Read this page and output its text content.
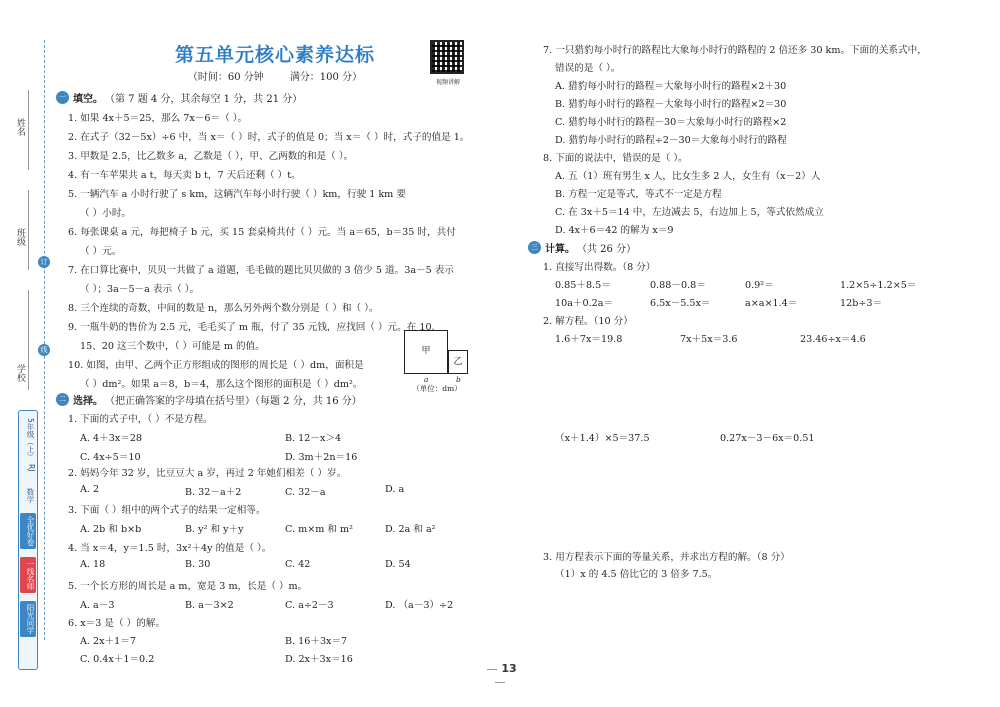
姓名
班级
订
线
学校
阳光同学
一线名师
全优好卷
数学
RJ
5年级（上）
第五单元核心素养达标
（时间：60 分钟	满分：100 分）	视频讲解
一 填空。 （第 7 题 4 分，其余每空 1 分，共 21 分）
1. 如果 4x＋5＝25，那么 7x－6＝（ ）。
2. 在式子（32－5x）÷6 中，当 x＝（ ）时，式子的值是 0；当 x＝（ ）时，式子的值是 1。
3. 甲数是 2.5，比乙数多 a，乙数是（ ），甲、乙两数的和是（ ）。
4. 有一车苹果共 a t，每天卖 b t，7 天后还剩（ ）t。
5. 一辆汽车 a 小时行驶了 s km，这辆汽车每小时行驶（ ）km，行驶 1 km 要
（ ）小时。
6. 每张课桌 a 元，每把椅子 b 元，买 15 套桌椅共付（ ）元。当 a＝65，b＝35 时，共付
（ ）元。
7. 在口算比赛中，贝贝一共做了 a 道题，毛毛做的题比贝贝做的 3 倍少 5 道。3a－5 表示
（ ）；3a－5－a 表示（ ）。
8. 三个连续的奇数，中间的数是 n，那么另外两个数分别是（ ）和（ ）。
9. 一瓶牛奶的售价为 2.5 元，毛毛买了 m 瓶，付了 35 元钱，应找回（ ）元。在 10、
15、20 这三个数中，（ ）可能是 m 的值。
10. 如图，由甲、乙两个正方形组成的图形的周长是（ ）dm，面积是
（ ）dm²。如果 a＝8，b＝4，那么这个图形的面积是（ ）dm²。
甲
乙
a	b
（单位：dm）
二 选择。 （把正确答案的字母填在括号里）（每题 2 分，共 16 分）
1. 下面的式子中，（ ）不是方程。
A. 4＋3x＝28	B. 12－x＞4
C. 4x÷5＝10	D. 3m＋2n＝16
2. 妈妈今年 32 岁，比豆豆大 a 岁，再过 2 年她们相差（ ）岁。
A. 2	B. 32－a＋2	C. 32－a	D. a
3. 下面（ ）组中的两个式子的结果一定相等。
A. 2b 和 b×b	B. y² 和 y＋y	C. m×m 和 m²	D. 2a 和 a²
4. 当 x＝4，y＝1.5 时，3x²＋4y 的值是（ ）。
A. 18	B. 30	C. 42	D. 54
5. 一个长方形的周长是 a m，宽是 3 m，长是（ ）m。
A. a－3	B. a－3×2	C. a÷2－3	D. （a－3）÷2
6. x＝3 是（ ）的解。
A. 2x＋1＝7	B. 16＋3x＝7
C. 0.4x＋1＝0.2	D. 2x＋3x＝16
7. 一只猎豹每小时行的路程比大象每小时行的路程的 2 倍还多 30 km。下面的关系式中，
错误的是（ ）。
A. 猎豹每小时行的路程＝大象每小时行的路程×2＋30
B. 猎豹每小时行的路程－大象每小时行的路程×2＝30
C. 猎豹每小时行的路程－30＝大象每小时行的路程×2
D. 猎豹每小时行的路程÷2－30＝大象每小时行的路程
8. 下面的说法中，错误的是（ ）。
A. 五（1）班有男生 x 人，比女生多 2 人，女生有（x－2）人
B. 方程一定是等式，等式不一定是方程
C. 在 3x＋5＝14 中，左边减去 5，右边加上 5，等式依然成立
D. 4x＋6＝42 的解为 x＝9
三 计算。 （共 26 分）
1. 直接写出得数。（8 分）
0.85＋8.5＝	0.88－0.8＝	0.9²＝	1.2×5÷1.2×5＝
10a＋0.2a＝	6.5x－5.5x＝	a×a×1.4＝	12b÷3＝
2. 解方程。（10 分）
1.6＋7x＝19.8	7x＋5x＝3.6	23.46÷x＝4.6
（x＋1.4）×5＝37.5	0.27x－3－6x＝0.51
3. 用方程表示下面的等量关系，并求出方程的解。（8 分）
（1）x 的 4.5 倍比它的 3 倍多 7.5。
13
